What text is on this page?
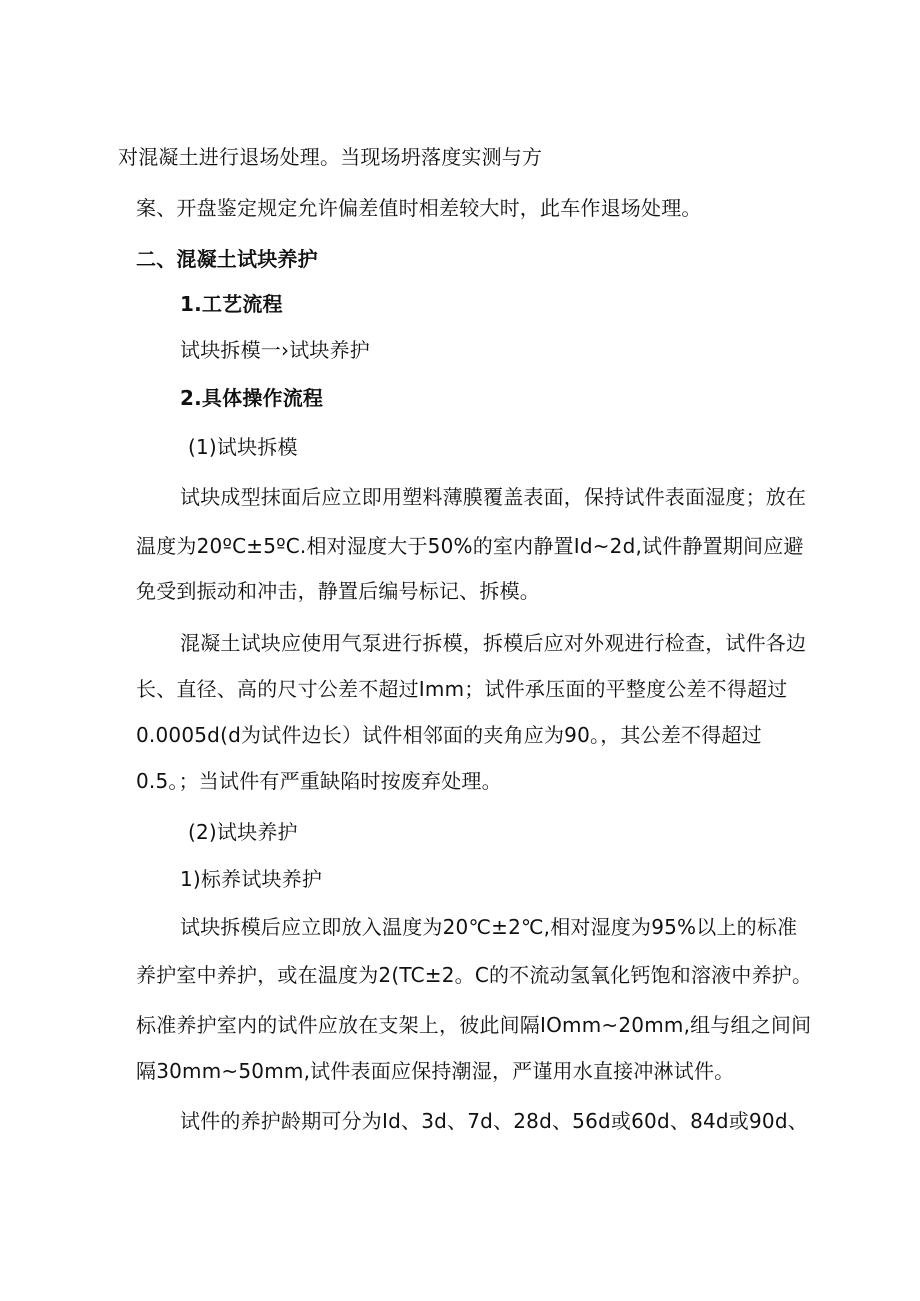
对混凝土进行退场处理。当现场坍落度实测与方
案、开盘鉴定规定允许偏差值时相差较大时，此车作退场处理。
二、混凝土试块养护
1.工艺流程
试块拆模一›试块养护
2.具体操作流程
(1)试块拆模
试块成型抹面后应立即用塑料薄膜覆盖表面，保持试件表面湿度；放在
温度为20ºC±5ºC.相对湿度大于50%的室内静置Id~2d,试件静置期间应避
免受到振动和冲击，静置后编号标记、拆模。
混凝土试块应使用气泵进行拆模，拆模后应对外观进行检查，试件各边
长、直径、高的尺寸公差不超过Imm；试件承压面的平整度公差不得超过
0.0005d(d为试件边长）试件相邻面的夹角应为90。，其公差不得超过
0.5。；当试件有严重缺陷时按废弃处理。
(2)试块养护
1)标养试块养护
试块拆模后应立即放入温度为20℃±2℃,相对湿度为95%以上的标准
养护室中养护，或在温度为2(TC±2。C的不流动氢氧化钙饱和溶液中养护。
标准养护室内的试件应放在支架上，彼此间隔IOmm~20mm,组与组之间间
隔30mm~50mm,试件表面应保持潮湿，严谨用水直接冲淋试件。
试件的养护龄期可分为Id、3d、7d、28d、56d或60d、84d或90d、
